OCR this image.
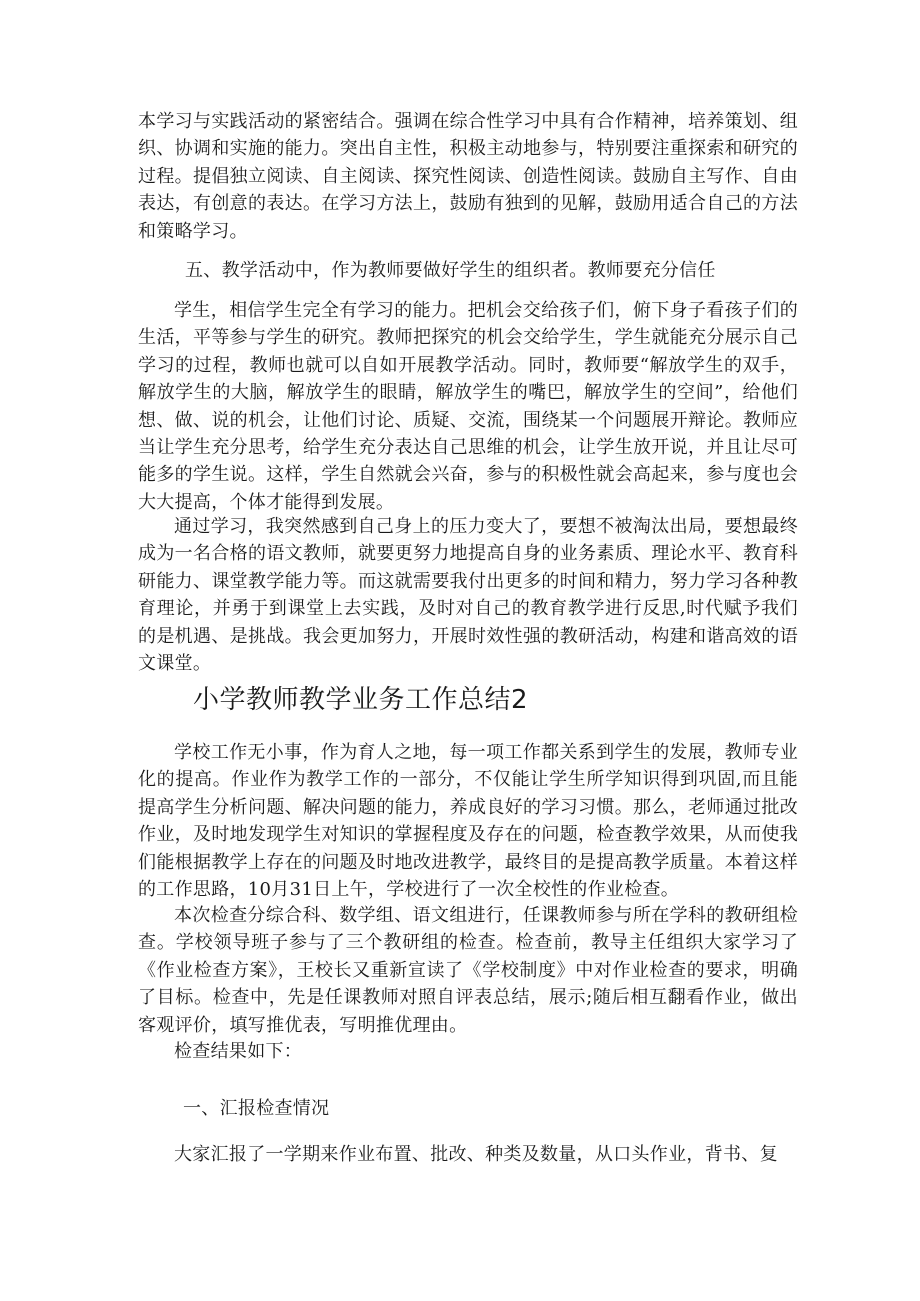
本学习与实践活动的紧密结合。强调在综合性学习中具有合作精神，培养策划、组织、协调和实施的能力。突出自主性，积极主动地参与，特别要注重探索和研究的过程。提倡独立阅读、自主阅读、探究性阅读、创造性阅读。鼓励自主写作、自由表达，有创意的表达。在学习方法上，鼓励有独到的见解，鼓励用适合自己的方法和策略学习。

五、教学活动中，作为教师要做好学生的组织者。教师要充分信任

学生，相信学生完全有学习的能力。把机会交给孩子们，俯下身子看孩子们的生活，平等参与学生的研究。教师把探究的机会交给学生，学生就能充分展示自己学习的过程，教师也就可以自如开展教学活动。同时，教师要“解放学生的双手，解放学生的大脑，解放学生的眼睛，解放学生的嘴巴，解放学生的空间”，给他们想、做、说的机会，让他们讨论、质疑、交流，围绕某一个问题展开辩论。教师应当让学生充分思考，给学生充分表达自己思维的机会，让学生放开说，并且让尽可能多的学生说。这样，学生自然就会兴奋，参与的积极性就会高起来，参与度也会大大提高，个体才能得到发展。

通过学习，我突然感到自己身上的压力变大了，要想不被淘汰出局，要想最终成为一名合格的语文教师，就要更努力地提高自身的业务素质、理论水平、教育科研能力、课堂教学能力等。而这就需要我付出更多的时间和精力，努力学习各种教育理论，并勇于到课堂上去实践，及时对自己的教育教学进行反思,时代赋予我们的是机遇、是挑战。我会更加努力，开展时效性强的教研活动，构建和谐高效的语文课堂。

小学教师教学业务工作总结2

学校工作无小事，作为育人之地，每一项工作都关系到学生的发展，教师专业化的提高。作业作为教学工作的一部分，不仅能让学生所学知识得到巩固,而且能提高学生分析问题、解决问题的能力，养成良好的学习习惯。那么，老师通过批改作业，及时地发现学生对知识的掌握程度及存在的问题，检查教学效果，从而使我们能根据教学上存在的问题及时地改进教学，最终目的是提高教学质量。本着这样的工作思路，10月31日上午，学校进行了一次全校性的作业检查。

本次检查分综合科、数学组、语文组进行，任课教师参与所在学科的教研组检查。学校领导班子参与了三个教研组的检查。检查前，教导主任组织大家学习了《作业检查方案》，王校长又重新宣读了《学校制度》中对作业检查的要求，明确了目标。检查中，先是任课教师对照自评表总结，展示;随后相互翻看作业，做出客观评价，填写推优表，写明推优理由。

检查结果如下：

一、汇报检查情况

大家汇报了一学期来作业布置、批改、种类及数量，从口头作业，背书、复
